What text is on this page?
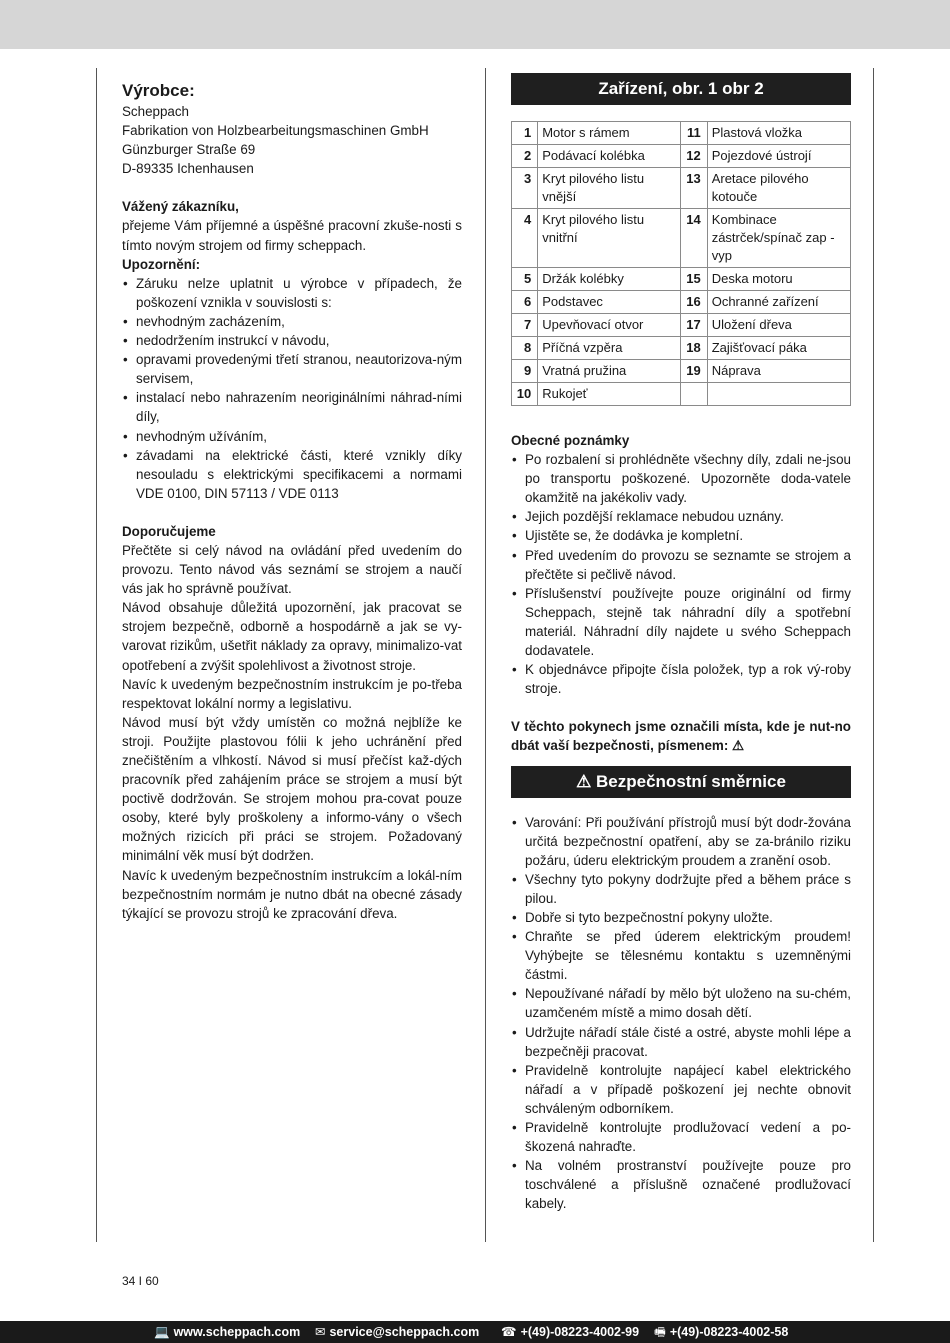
Výrobce:

Scheppach

Fabrikation von Holzbearbeitungsmaschinen GmbH

Günzburger Straße 69

D-89335 Ichenhausen

Vážený zákazníku,

přejeme Vám příjemné a úspěšné pracovní zkuše-nosti s tímto novým strojem od firmy scheppach.

Upozornění:

• Záruku nelze uplatnit u výrobce v případech, že poškození vznikla v souvislosti s:
• nevhodným zacházením,
• nedodržením instrukcí v návodu,
• opravami provedenými třetí stranou, neautorizova-ným servisem,
• instalací nebo nahrazením neoriginálními náhrad-ními díly,
• nevhodným užíváním,
• závadami na elektrické části, které vznikly díky nesouladu s elektrickými specifikacemi a normami VDE 0100, DIN 57113 / VDE 0113

Doporučujeme

Přečtěte si celý návod na ovládání před uvedením do provozu. Tento návod vás seznámí se strojem a naučí vás jak ho správně používat.

Návod obsahuje důležitá upozornění, jak pracovat se strojem bezpečně, odborně a hospodárně a jak se vy-varovat rizikům, ušetřit náklady za opravy, minimalizo-vat opotřebení a zvýšit spolehlivost a životnost stroje.

Navíc k uvedeným bezpečnostním instrukcím je po-třeba respektovat lokální normy a legislativu.

Návod musí být vždy umístěn co možná nejblíže ke stroji. Použijte plastovou fólii k jeho uchránění před znečištěním a vlhkostí. Návod si musí přečíst kaž-dých pracovník před zahájením práce se strojem a musí být poctivě dodržován. Se strojem mohou pra-covat pouze osoby, které byly proškoleny a informo-vány o všech možných rizicích při práci se strojem. Požadovaný minimální věk musí být dodržen.

Navíc k uvedeným bezpečnostním instrukcím a lokál-ním bezpečnostním normám je nutno dbát na obecné zásady týkající se provozu strojů ke zpracování dřeva.

Zařízení, obr. 1 obr 2
1	Motor s rámem	11	Plastová vložka
2	Podávací kolébka	12	Pojezdové ústrojí
3	Kryt pilového listu vnější	13	Aretace pilového kotouče
4	Kryt pilového listu vnitřní	14	Kombinace zástrček/spínač zap - vyp
5	Držák kolébky	15	Deska motoru
6	Podstavec	16	Ochranné zařízení
7	Upevňovací otvor	17	Uložení dřeva
8	Příčná vzpěra	18	Zajišťovací páka
9	Vratná pružina	19	Náprava
10	Rukojeť		

Obecné poznámky

• Po rozbalení si prohlédněte všechny díly, zdali ne-jsou po transportu poškozené. Upozorněte doda-vatele okamžitě na jakékoliv vady.
• Jejich pozdější reklamace nebudou uznány.
• Ujistěte se, že dodávka je kompletní.
• Před uvedením do provozu se seznamte se strojem a přečtěte si pečlivě návod.
• Příslušenství používejte pouze originální od firmy Scheppach, stejně tak náhradní díly a spotřební materiál. Náhradní díly najdete u svého Scheppach dodavatele.
• K objednávce připojte čísla položek, typ a rok vý-roby stroje.

V těchto pokynech jsme označili místa, kde je nut-no dbát vaší bezpečnosti, písmenem: ⚠

⚠ Bezpečnostní směrnice
• Varování: Při používání přístrojů musí být dodr-žována určitá bezpečnostní opatření, aby se za-bránilo riziku požáru, úderu elektrickým proudem a zranění osob.
• Všechny tyto pokyny dodržujte před a během práce s pilou.
• Dobře si tyto bezpečnostní pokyny uložte.
• Chraňte se před úderem elektrickým proudem! Vyhýbejte se tělesnému kontaktu s uzemněnými částmi.
• Nepoužívané nářadí by mělo být uloženo na su-chém, uzamčeném místě a mimo dosah dětí.
• Udržujte nářadí stále čisté a ostré, abyste mohli lépe a bezpečněji pracovat.
• Pravidelně kontrolujte napájecí kabel elektrického nářadí a v případě poškození jej nechte obnovit schváleným odborníkem.
• Pravidelně kontrolujte prodlužovací vedení a po-škozená nahraďte.
• Na volném prostranství používejte pouze pro toschválené a příslušně označené prodlužovací kabely.
34 I 60
💻 www.scheppach.com ✉ service@scheppach.com ☎ +(49)-08223-4002-99 🖷 +(49)-08223-4002-58
